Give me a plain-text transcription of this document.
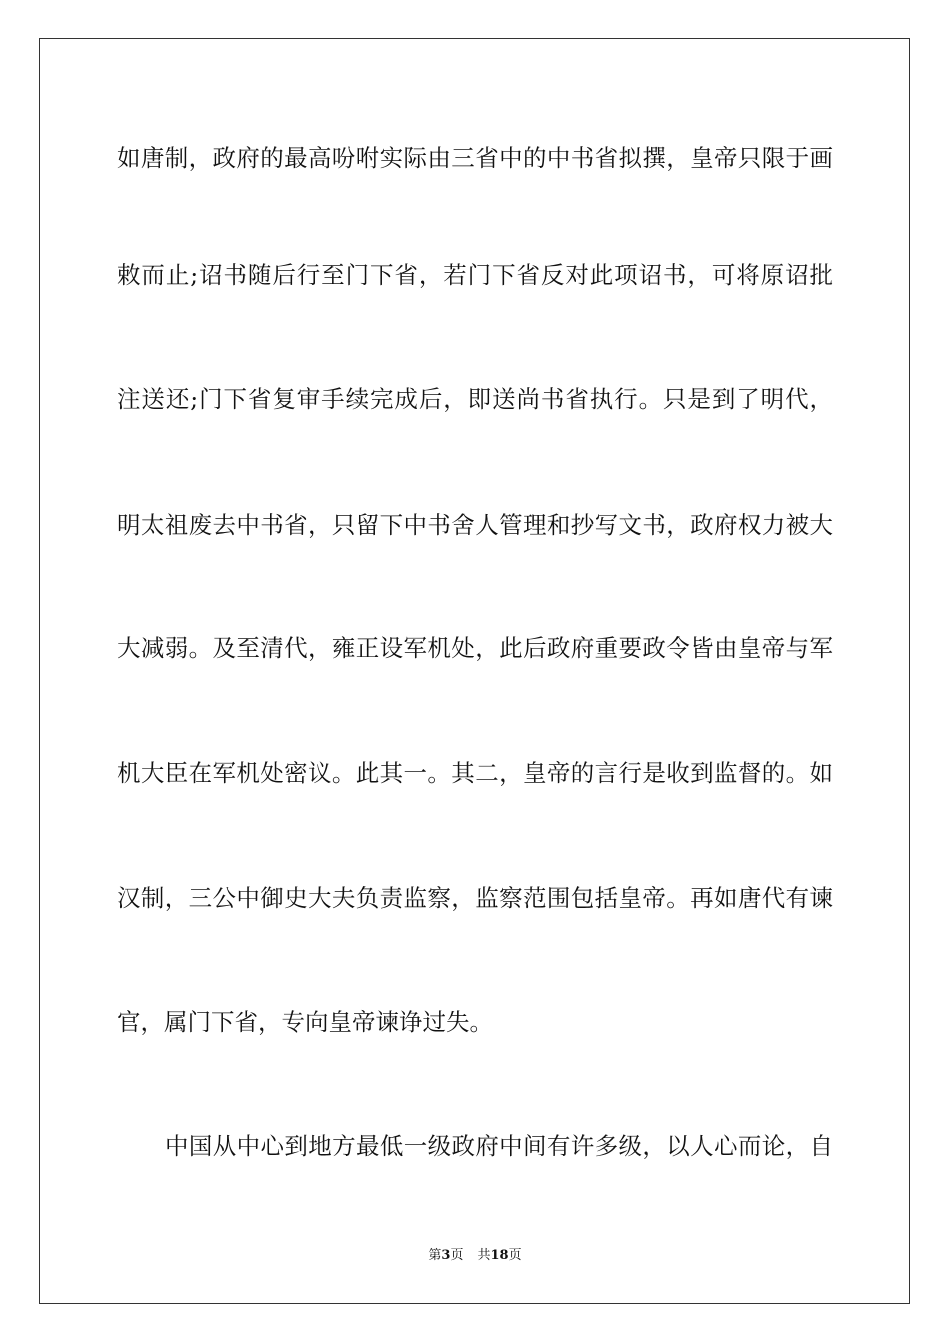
如唐制，政府的最高吩咐实际由三省中的中书省拟撰，皇帝只限于画
敕而止;诏书随后行至门下省，若门下省反对此项诏书，可将原诏批
注送还;门下省复审手续完成后，即送尚书省执行。只是到了明代，
明太祖废去中书省，只留下中书舍人管理和抄写文书，政府权力被大
大减弱。及至清代，雍正设军机处，此后政府重要政令皆由皇帝与军
机大臣在军机处密议。此其一。其二，皇帝的言行是收到监督的。如
汉制，三公中御史大夫负责监察，监察范围包括皇帝。再如唐代有谏
官，属门下省，专向皇帝谏诤过失。
中国从中心到地方最低一级政府中间有许多级，以人心而论，自
第3页 共18页
